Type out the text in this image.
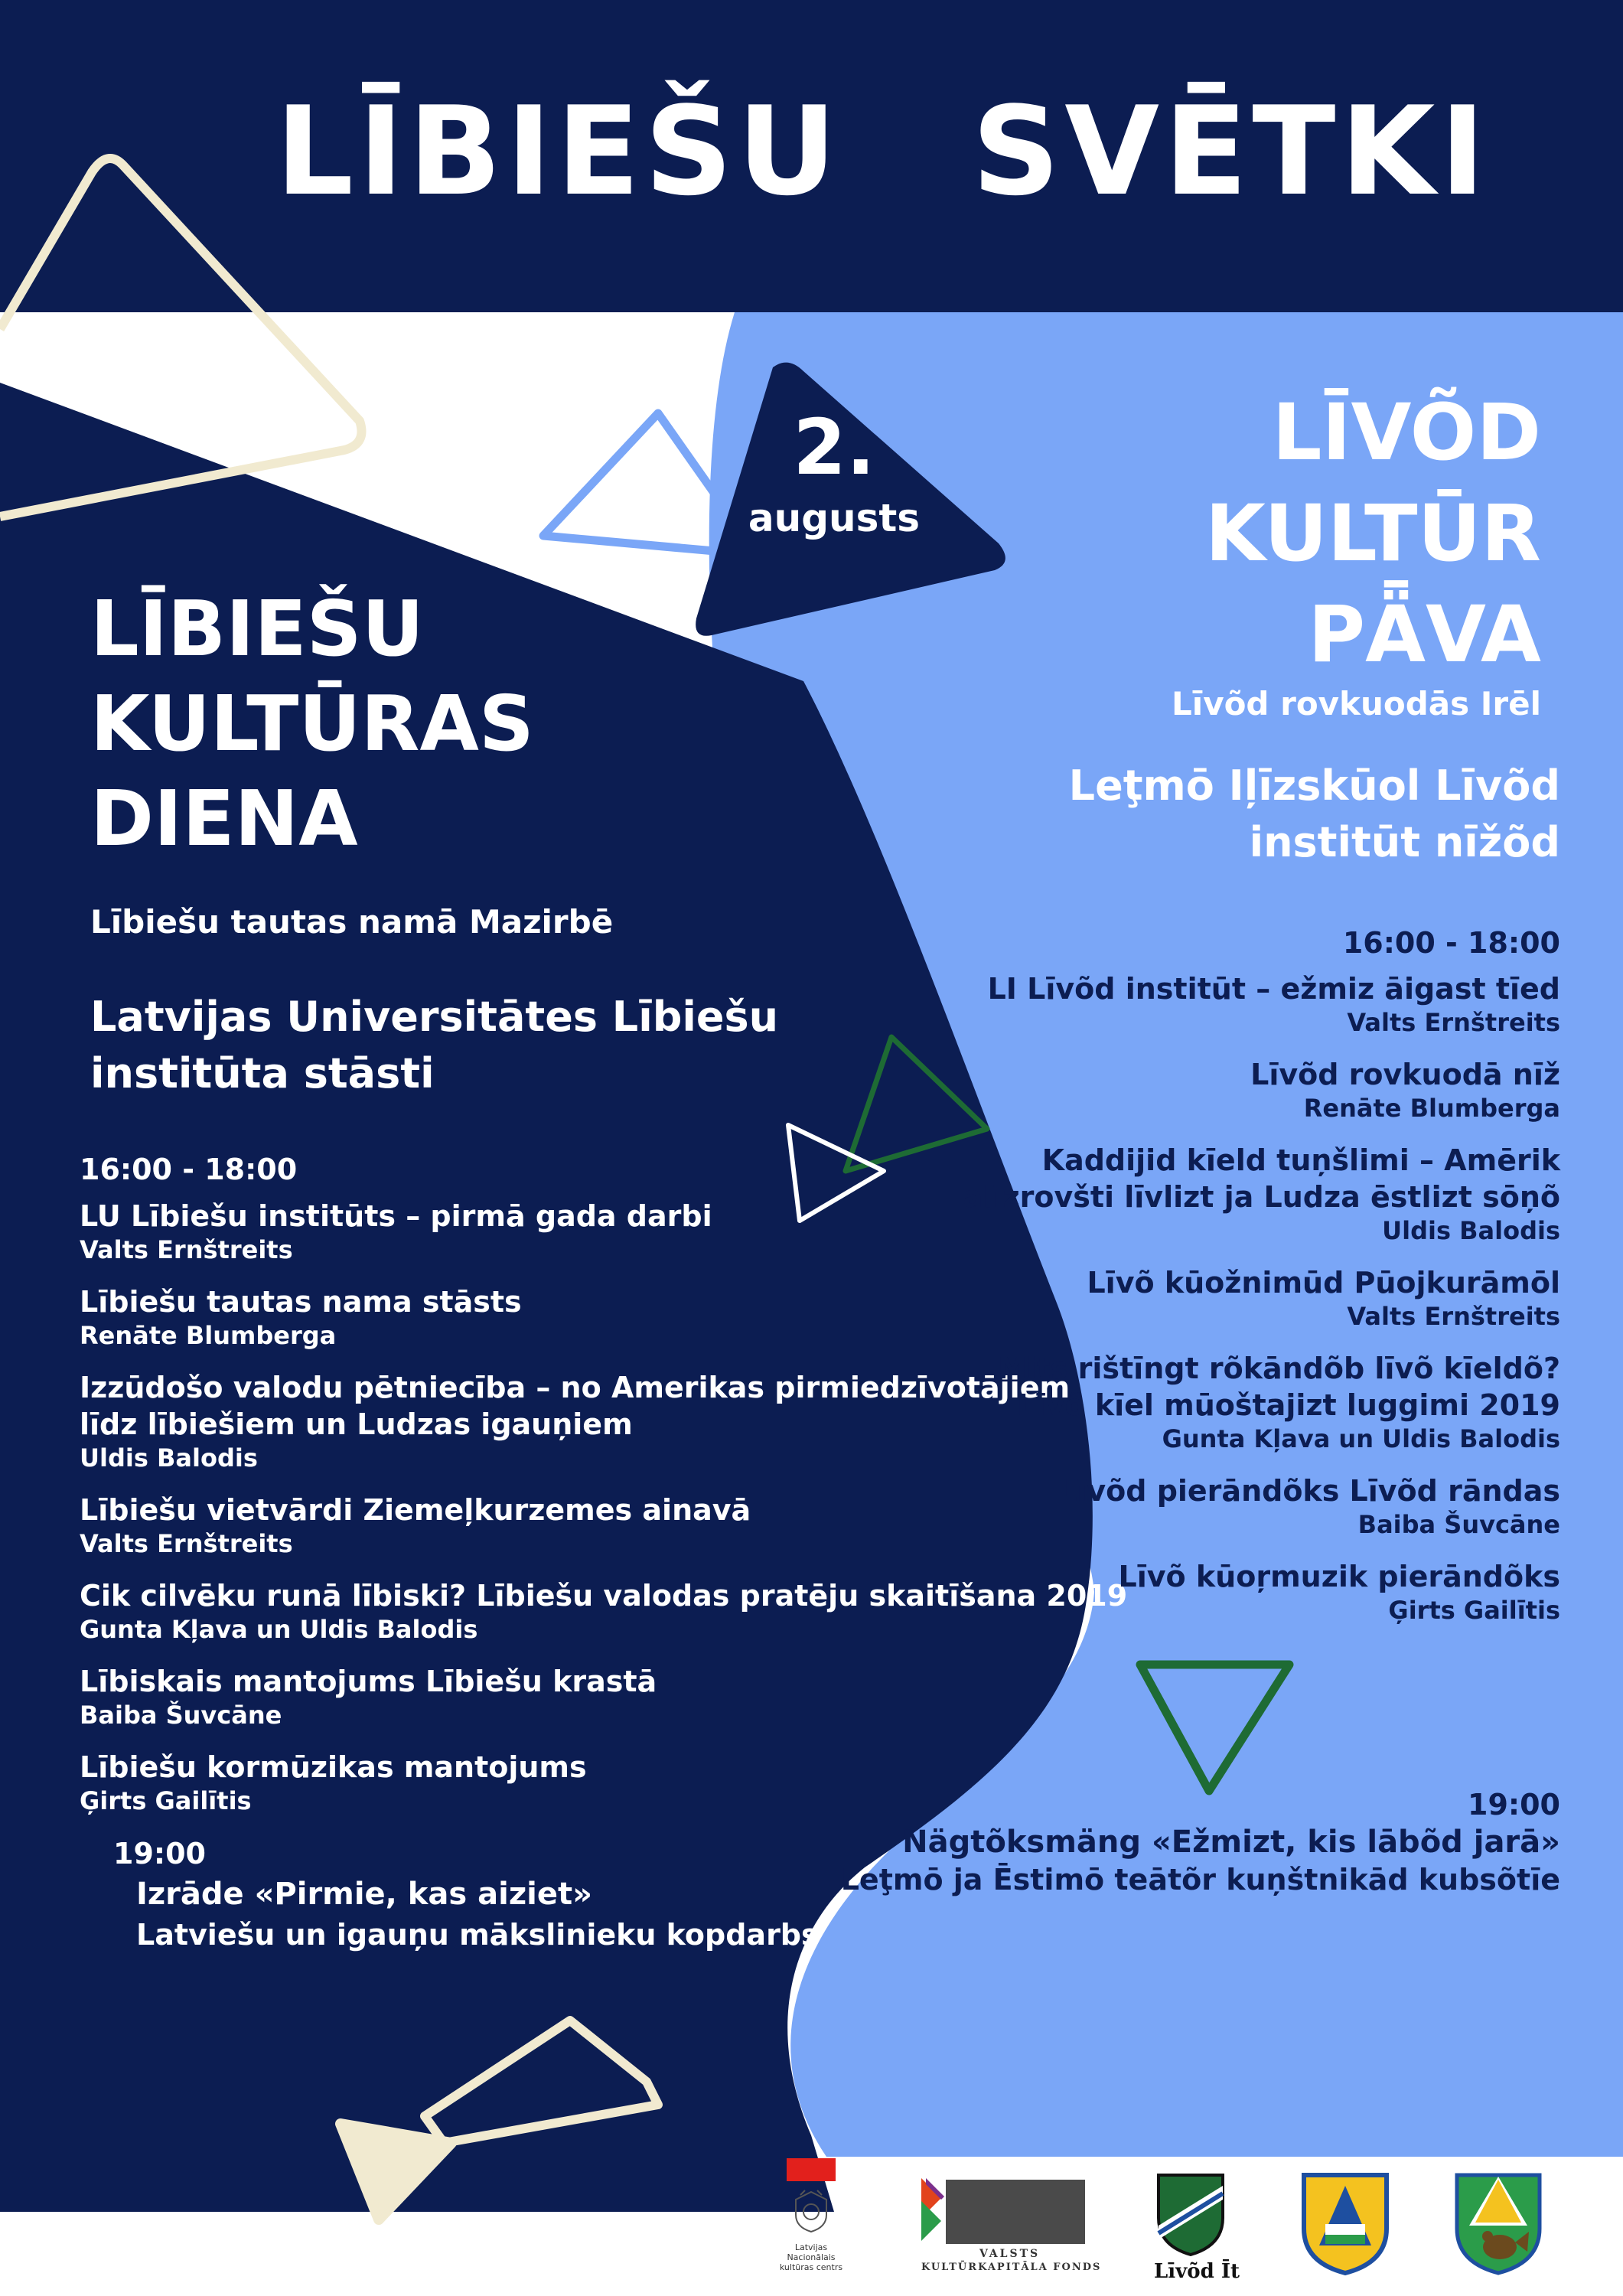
LĪBIEŠU SVĒTKI
2.
augusts
LĪBIEŠU
KULTŪRAS
DIENA
Lībiešu tautas namā Mazirbē
Latvijas Universitātes Lībiešu
institūta stāsti
16:00 - 18:00
LU Lībiešu institūts – pirmā gada darbi
Valts Ernštreits
Lībiešu tautas nama stāsts
Renāte Blumberga
Izzūdošo valodu pētniecība – no Amerikas pirmiedzīvotājiem
līdz lībiešiem un Ludzas igauņiem
Uldis Balodis
Lībiešu vietvārdi Ziemeļkurzemes ainavā
Valts Ernštreits
Cik cilvēku runā lībiski? Lībiešu valodas pratēju skaitīšana 2019
Gunta Kļava un Uldis Balodis
Lībiskais mantojums Lībiešu krastā
Baiba Šuvcāne
Lībiešu kormūzikas mantojums
Ģirts Gailītis
19:00
Izrāde «Pirmie, kas aiziet»
Latviešu un igauņu mākslinieku kopdarbs
LĪVÕD
KULTŪR
PǞVA
Līvõd rovkuodās Irēl
Leţmō Iļīzskūol Līvõd
institūt nīžõd
16:00 - 18:00
LI Līvõd institūt – ežmiz āigast tīed
Valts Ernštreits
Līvõd rovkuodā nīž
Renāte Blumberga
Kaddijid kīeld tuņšlimi – Amērik
alīzrovšti līvlizt ja Ludza ēstlizt sōņõ
Uldis Balodis
Līvõ kūožnimūd Pūojkurāmōl
Valts Ernštreits
Mits rištīngt rõkāndõb līvõ kīeldõ?
Līvõ kīel mūoštajizt luggimi 2019
Gunta Kļava un Uldis Balodis
Līvõd pierāndõks Līvõd rāndas
Baiba Šuvcāne
Līvõ kūoŗmuzik pierāndõks
Ģirts Gailītis
19:00
Nägtõksmäng «Ežmizt, kis lābõd jarā»
Leţmō ja Ēstimō teātõr kuņštnikād kubsõtīe
Latvijas Nacionālais kultūras centrs
VALSTS
KULTŪRKAPITĀLA FONDS	Līvõd Īt
